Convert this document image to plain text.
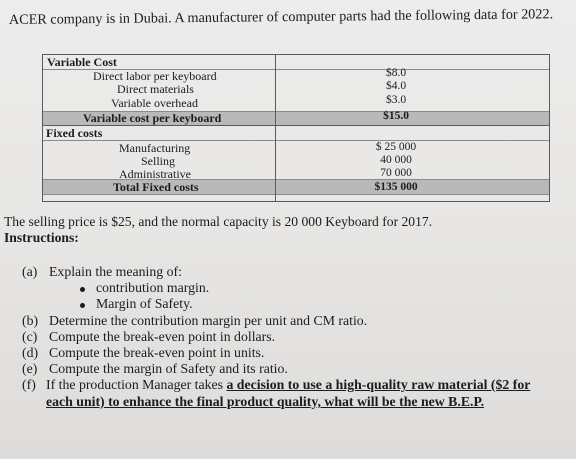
ACER company is in Dubai. A manufacturer of computer parts had the following data for 2022.
Variable Cost
Direct labor per keyboard
Direct materials
Variable overhead
Variable cost per keyboard
Fixed costs
Manufacturing
Selling
Administrative
Total Fixed costs
$8.0
$4.0
$3.0
$15.0
$ 25 000
40 000
70 000
$135 000
The selling price is $25, and the normal capacity is 20 000 Keyboard for 2017.
Instructions:
(a) Explain the meaning of:
contribution margin.
Margin of Safety.
(b) Determine the contribution margin per unit and CM ratio.
(c) Compute the break-even point in dollars.
(d) Compute the break-even point in units.
(e) Compute the margin of Safety and its ratio.
(f) If the production Manager takes a decision to use a high-quality raw material ($2 for
each unit) to enhance the final product quality, what will be the new B.E.P.
